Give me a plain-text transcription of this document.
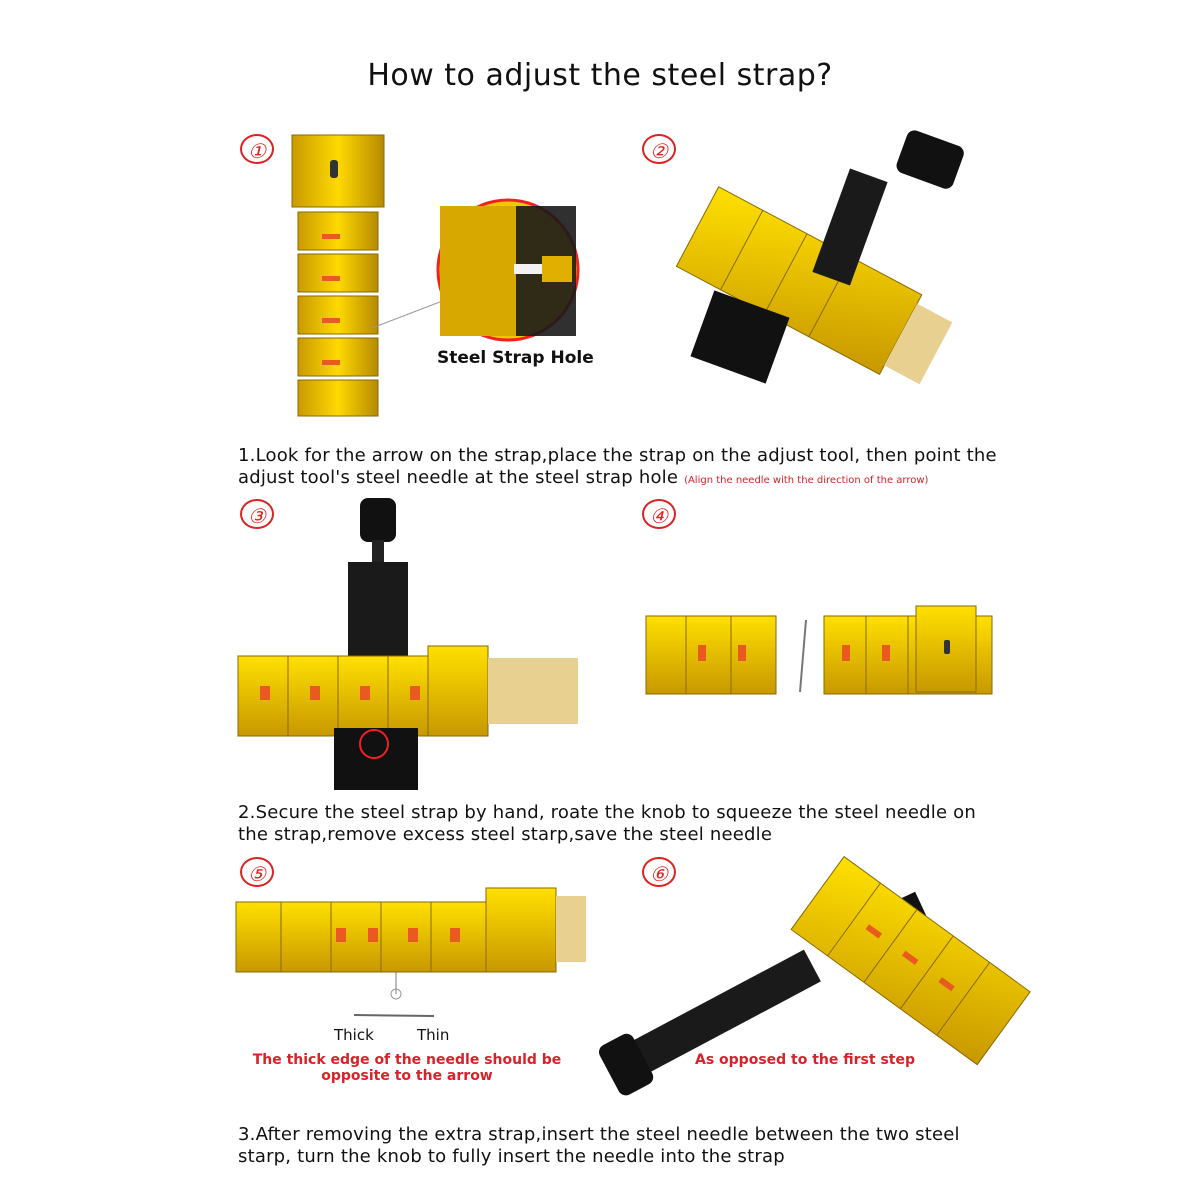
How to adjust the steel strap?
①	②
③	④
⑤	⑥
Steel Strap Hole
1.Look for the arrow on the strap,place the strap on the adjust tool, then point the adjust tool's steel needle at the steel strap hole (Align the needle with the direction of the arrow)
2.Secure the steel strap by hand, roate the knob to squeeze the steel needle on the strap,remove excess steel starp,save the steel needle
Thick	Thin
The thick edge of the needle should be opposite to the arrow
As opposed to the first step
3.After removing the extra strap,insert the steel needle between the two steel starp, turn the knob to fully insert the needle into the strap
